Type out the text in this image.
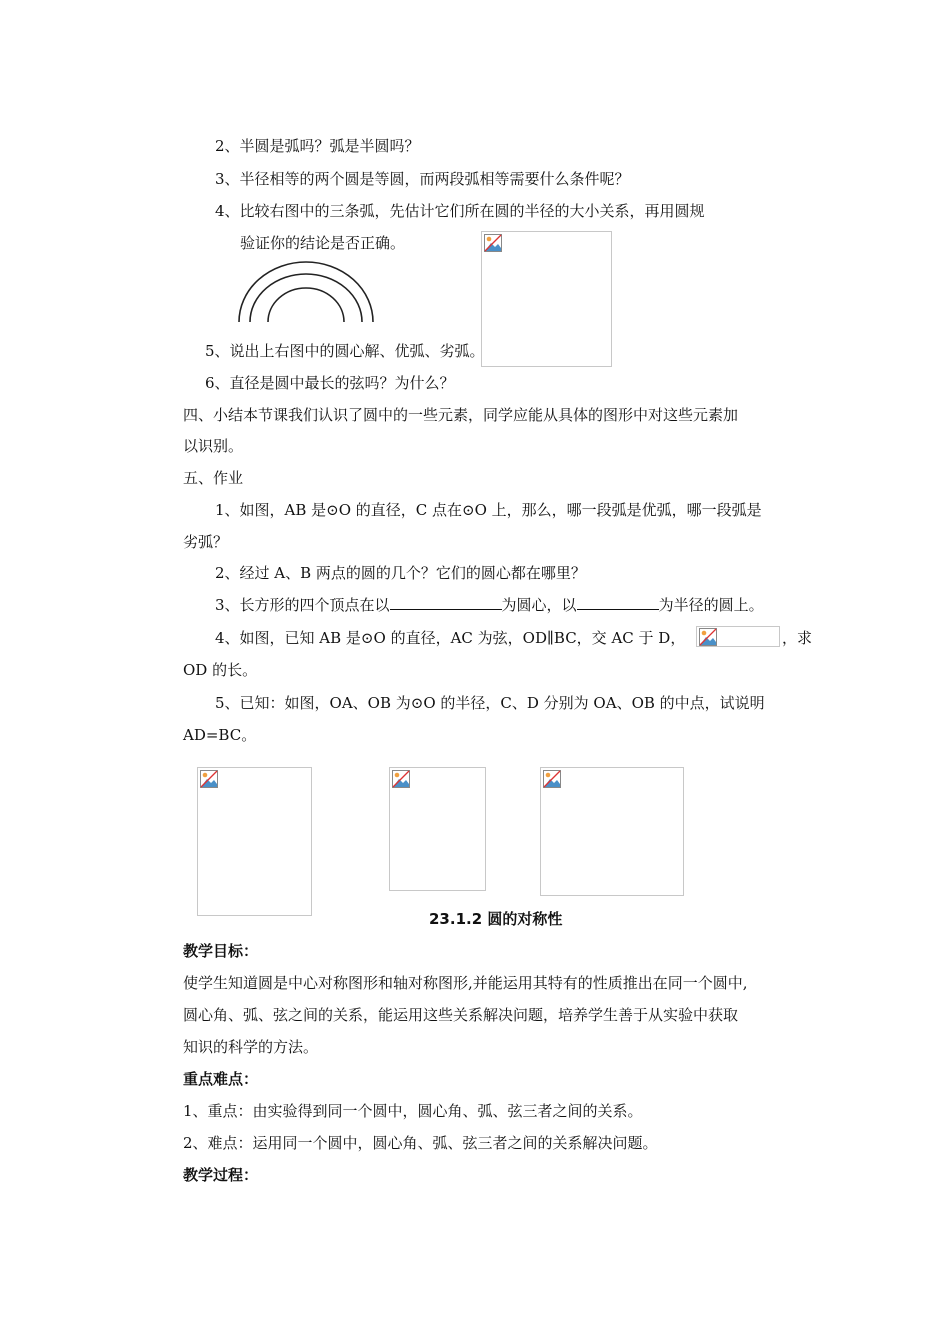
2、半圆是弧吗？弧是半圆吗？
3、半径相等的两个圆是等圆，而两段弧相等需要什么条件呢？
4、比较右图中的三条弧，先估计它们所在圆的半径的大小关系，再用圆规
验证你的结论是否正确。
5、说出上右图中的圆心解、优弧、劣弧。
6、直径是圆中最长的弦吗？为什么？
四、小结本节课我们认识了圆中的一些元素，同学应能从具体的图形中对这些元素加
以识别。
五、作业
1、如图，AB 是⊙O 的直径，C 点在⊙O 上，那么，哪一段弧是优弧，哪一段弧是
劣弧？
2、经过 A、B 两点的圆的几个？它们的圆心都在哪里？
3、长方形的四个顶点在以	为圆心，以	为半径的圆上。
4、如图，已知 AB 是⊙O 的直径，AC 为弦，OD∥BC，交 AC 于 D，	，求
OD 的长。
5、已知：如图，OA、OB 为⊙O 的半径，C、D 分别为 OA、OB 的中点，试说明
AD=BC。
23.1.2 圆的对称性
教学目标：
使学生知道圆是中心对称图形和轴对称图形,并能运用其特有的性质推出在同一个圆中,
圆心角、弧、弦之间的关系，能运用这些关系解决问题，培养学生善于从实验中获取
知识的科学的方法。
重点难点：
1、重点：由实验得到同一个圆中，圆心角、弧、弦三者之间的关系。
2、难点：运用同一个圆中，圆心角、弧、弦三者之间的关系解决问题。
教学过程：
